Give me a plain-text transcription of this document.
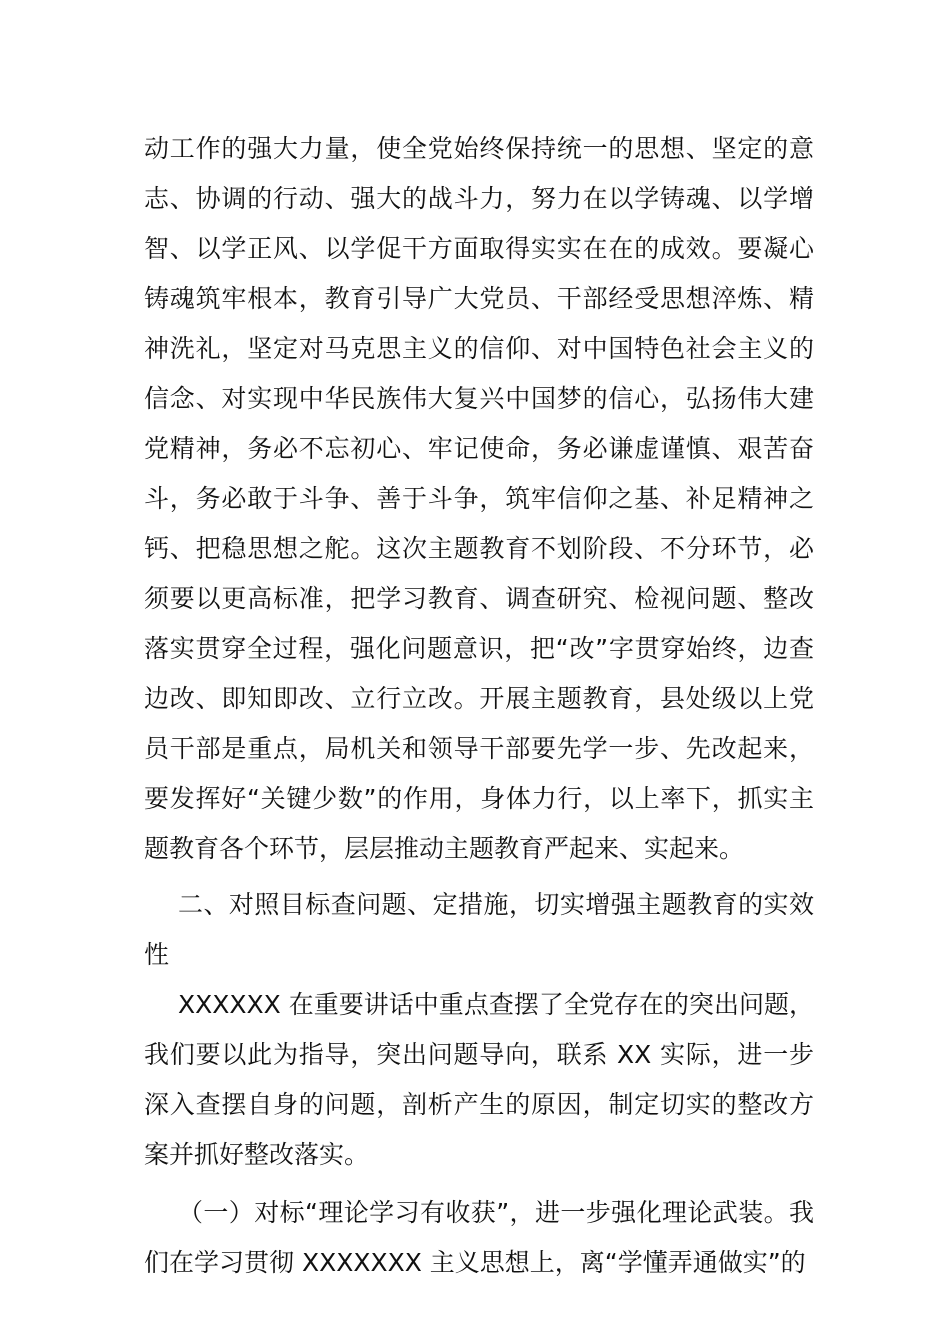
动工作的强大力量，使全党始终保持统一的思想、坚定的意志、协调的行动、强大的战斗力，努力在以学铸魂、以学增智、以学正风、以学促干方面取得实实在在的成效。要凝心铸魂筑牢根本，教育引导广大党员、干部经受思想淬炼、精神洗礼，坚定对马克思主义的信仰、对中国特色社会主义的信念、对实现中华民族伟大复兴中国梦的信心，弘扬伟大建党精神，务必不忘初心、牢记使命，务必谦虚谨慎、艰苦奋斗，务必敢于斗争、善于斗争，筑牢信仰之基、补足精神之钙、把稳思想之舵。这次主题教育不划阶段、不分环节，必须要以更高标准，把学习教育、调查研究、检视问题、整改落实贯穿全过程，强化问题意识，把“改”字贯穿始终，边查边改、即知即改、立行立改。开展主题教育，县处级以上党员干部是重点，局机关和领导干部要先学一步、先改起来，要发挥好“关键少数”的作用，身体力行，以上率下，抓实主题教育各个环节，层层推动主题教育严起来、实起来。

二、对照目标查问题、定措施，切实增强主题教育的实效性

XXXXXX 在重要讲话中重点查摆了全党存在的突出问题，我们要以此为指导，突出问题导向，联系 XX 实际，进一步深入查摆自身的问题，剖析产生的原因，制定切实的整改方案并抓好整改落实。

（一）对标“理论学习有收获”，进一步强化理论武装。我们在学习贯彻 XXXXXXX 主义思想上，离“学懂弄通做实”的
